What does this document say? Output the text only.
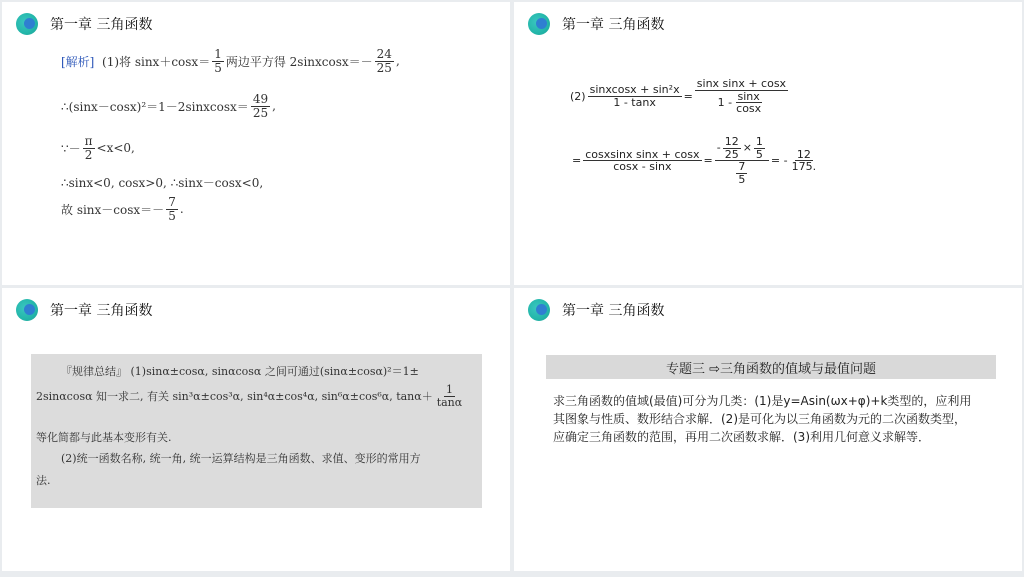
第一章 三角函数
[解析]
(1)将 $\sin x+\cos x= \frac{1}{5}$ 两边平方得 2sinxcosx＝－ $\frac{24}{25}$ ,
∴(sinx－cosx)²＝1－2sinxcosx＝ $\frac{49}{25}$ ,
∵－ $\frac{\pi}{2} <x<0$,
∴sinx<0, cosx>0, ∴sinx－cosx<0,
故 $\sin x-\cos x=- \frac{7}{5}$ .
第一章 三角函数
$(2) \frac{\text{sinxcosx + sin²x}}{1 - \tan x} = \frac{\text{sinx sinx + cosx}}{1 - \frac{\sin x}{\cos x}}$
= $\frac{\text{cosxsinx sinx + cosx}}{\cos x - \sin x} = \frac{- \frac{12}{25} \times \frac{1}{5}}{\frac{7}{5}}$ = - $\frac{12}{175.}$
第一章 三角函数
『规律总结』 (1)sinα±cosα, sinαcosα 之间可通过(sinα±cosα)²＝1±
2sinαcosα 知一求二, 有关 sin³α±cos³α, sin⁴α±cos⁴α, sin⁶α±cos⁶α, $\tan\alpha+ \frac{1}{\tan\alpha}$
等化简都与此基本变形有关.
(2)统一函数名称, 统一角, 统一运算结构是三角函数、求值、变形的常用方
法.
第一章 三角函数
专题三 ⇨三角函数的值域与最值问题
求三角函数的值域(最值)可分为几类：(1)是y=Asin(ωx+φ)+k类型的，应利用其图象与性质、数形结合求解．(2)是可化为以三角函数为元的二次函数类型，应确定三角函数的范围，再用二次函数求解．(3)利用几何意义求解等．
